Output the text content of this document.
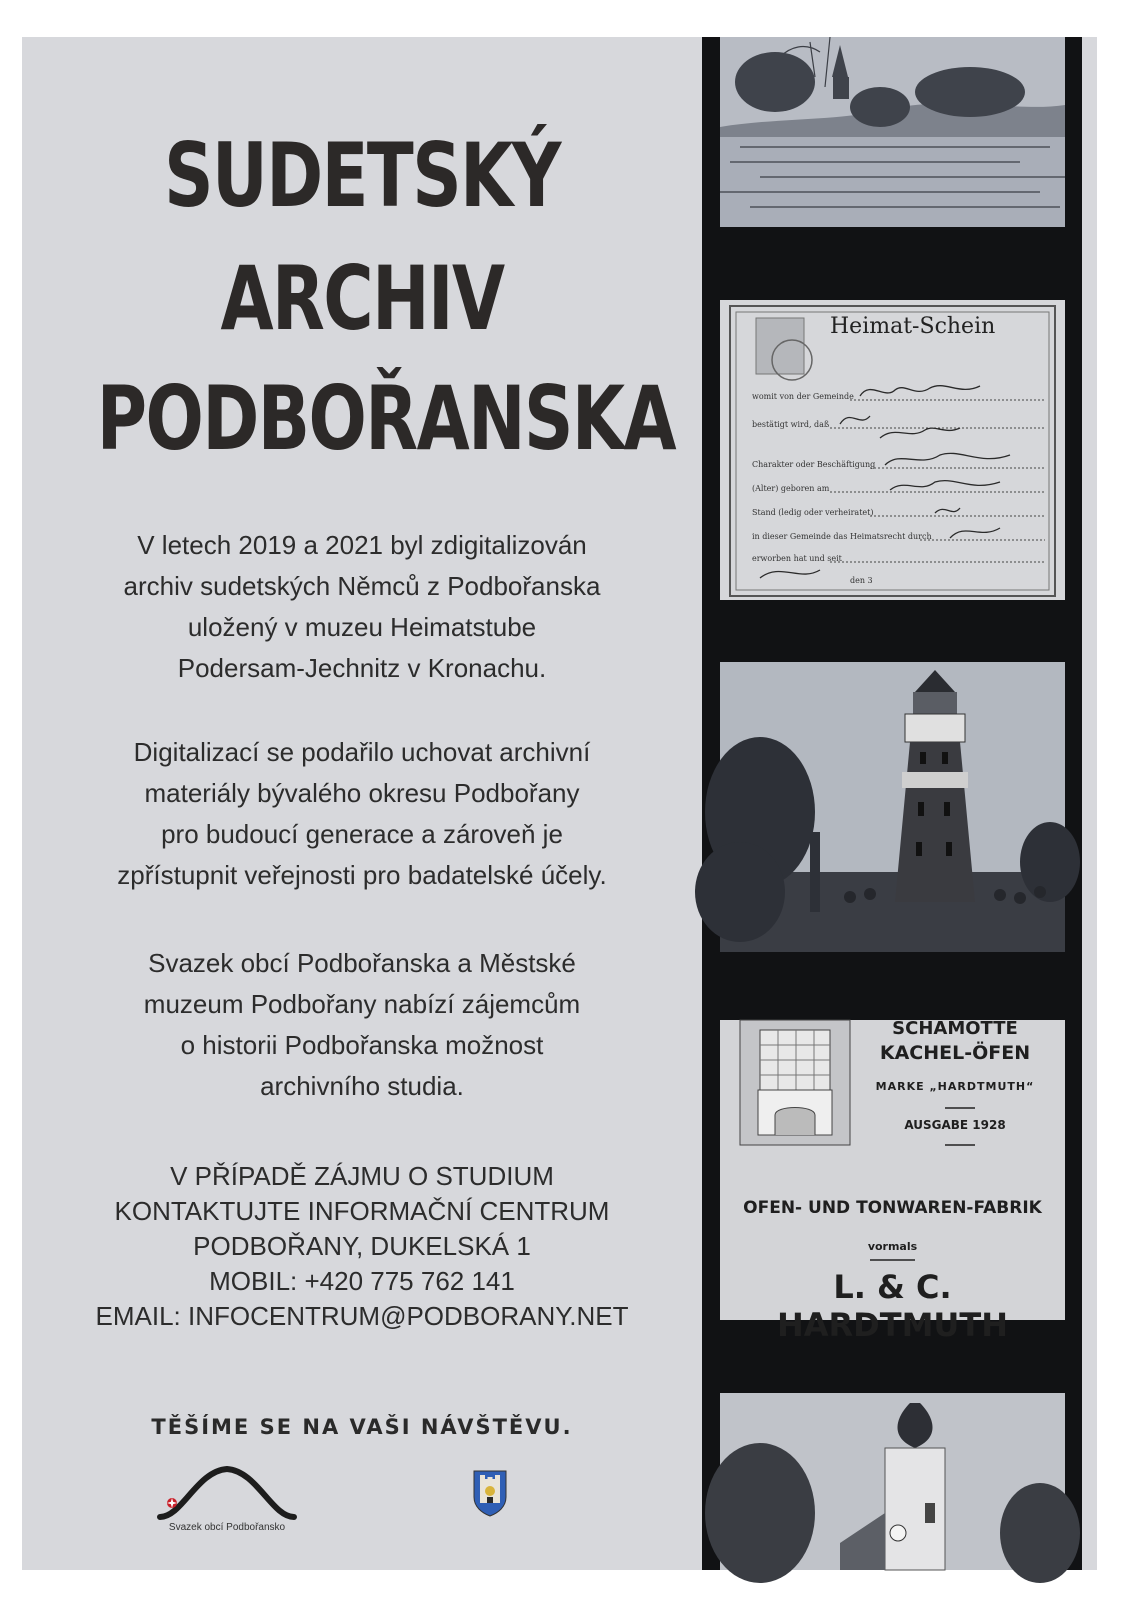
SUDETSKÝ
ARCHIV
PODBOŘANSKA

V letech 2019 a 2021 byl zdigitalizován

archiv sudetských Němců z Podbořanska

uložený v muzeu Heimatstube

Podersam-Jechnitz v Kronachu.

Digitalizací se podařilo uchovat archivní

materiály bývalého okresu Podbořany

pro budoucí generace a zároveň je

zpřístupnit veřejnosti pro badatelské účely.

Svazek obcí Podbořanska a Městské

muzeum Podbořany nabízí zájemcům

o historii Podbořanska možnost

archivního studia.

V PŘÍPADĚ ZÁJMU O STUDIUM

KONTAKTUJTE INFORMAČNÍ CENTRUM

PODBOŘANY, DUKELSKÁ 1

MOBIL: +420 775 762 141

EMAIL: INFOCENTRUM@PODBORANY.NET

TĚŠÍME SE NA VAŠI NÁVŠTĚVU.
Svazek obcí Podbořansko
Heimat-Schein
womit von der Gemeinde
bestätigt wird, daß
Charakter oder Beschäftigung
(Alter) geboren am
Stand (ledig oder verheiratet)
in dieser Gemeinde das Heimatsrecht durch
erworben hat und seit
den 3
SCHAMOTTE
KACHEL-ÖFEN
MARKE „HARDTMUTH“
AUSGABE 1928
OFEN- UND TONWAREN-FABRIK
vormals
L. & C. HARDTMUTH
